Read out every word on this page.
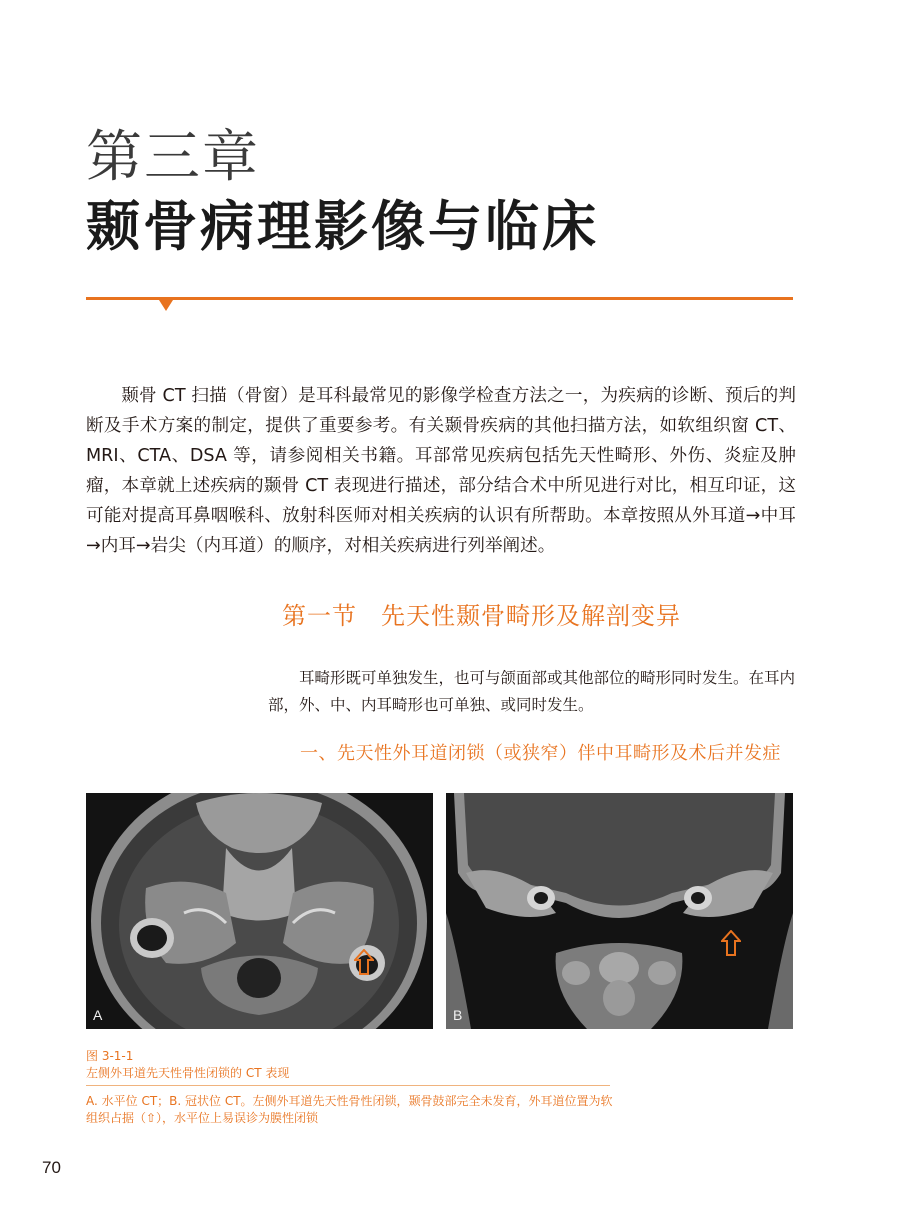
第三章
颞骨病理影像与临床

颞骨 CT 扫描（骨窗）是耳科最常见的影像学检查方法之一，为疾病的诊断、预后的判断及手术方案的制定，提供了重要参考。有关颞骨疾病的其他扫描方法，如软组织窗 CT、MRI、CTA、DSA 等，请参阅相关书籍。耳部常见疾病包括先天性畸形、外伤、炎症及肿瘤，本章就上述疾病的颞骨 CT 表现进行描述，部分结合术中所见进行对比，相互印证，这可能对提高耳鼻咽喉科、放射科医师对相关疾病的认识有所帮助。本章按照从外耳道→中耳→内耳→岩尖（内耳道）的顺序，对相关疾病进行列举阐述。

第一节 先天性颞骨畸形及解剖变异

耳畸形既可单独发生，也可与颌面部或其他部位的畸形同时发生。在耳内部，外、中、内耳畸形也可单独、或同时发生。

一、先天性外耳道闭锁（或狭窄）伴中耳畸形及术后并发症
A	B

图 3-1-1

左侧外耳道先天性骨性闭锁的 CT 表现

A. 水平位 CT；B. 冠状位 CT。左侧外耳道先天性骨性闭锁，颞骨鼓部完全未发育，外耳道位置为软组织占据（⇧），水平位上易误诊为膜性闭锁

70
